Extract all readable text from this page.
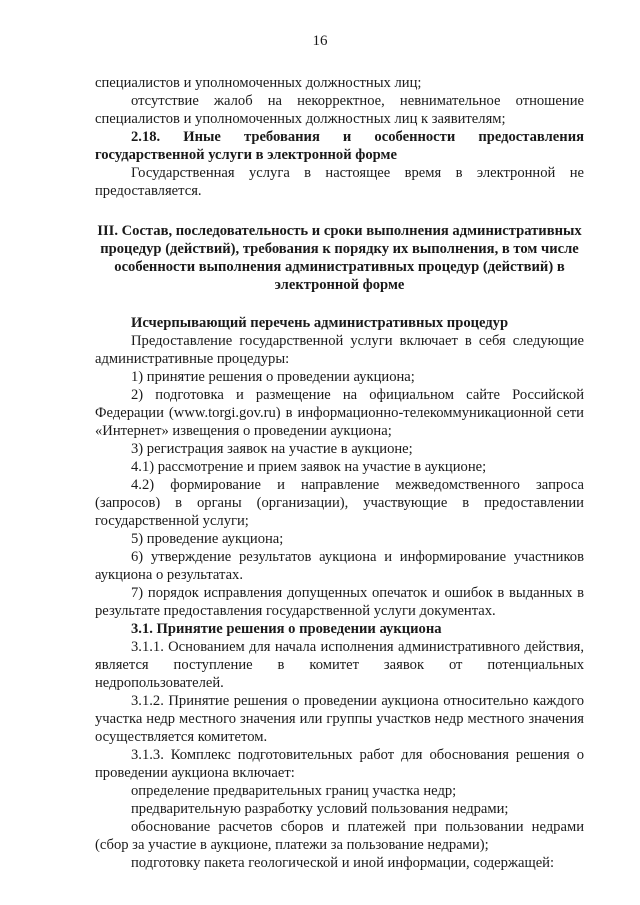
16

специалистов и уполномоченных должностных лиц;

отсутствие жалоб на некорректное, невнимательное отношение специалистов и уполномоченных должностных лиц к заявителям;

2.18. Иные требования и особенности предоставления государственной услуги в электронной форме

Государственная услуга в настоящее время в электронной не предоставляется.

III. Состав, последовательность и сроки выполнения административных процедур (действий), требования к порядку их выполнения, в том числе особенности выполнения административных процедур (действий) в электронной форме

Исчерпывающий перечень административных процедур

Предоставление государственной услуги включает в себя следующие административные процедуры:

1) принятие решения о проведении аукциона;

2) подготовка и размещение на официальном сайте Российской Федерации (www.torgi.gov.ru) в информационно-телекоммуникационной сети «Интернет» извещения о проведении аукциона;

3) регистрация заявок на участие в аукционе;

4.1) рассмотрение и прием заявок на участие в аукционе;

4.2) формирование и направление межведомственного запроса (запросов) в органы (организации), участвующие в предоставлении государственной услуги;

5) проведение аукциона;

6) утверждение результатов аукциона и информирование участников аукциона о результатах.

7) порядок исправления допущенных опечаток и ошибок в выданных в результате предоставления государственной услуги документах.

3.1. Принятие решения о проведении аукциона

3.1.1. Основанием для начала исполнения административного действия, является поступление в комитет заявок от потенциальных недропользователей.

3.1.2. Принятие решения о проведении аукциона относительно каждого участка недр местного значения или группы участков недр местного значения осуществляется комитетом.

3.1.3. Комплекс подготовительных работ для обоснования решения о проведении аукциона включает:

определение предварительных границ участка недр;

предварительную разработку условий пользования недрами;

обоснование расчетов сборов и платежей при пользовании недрами (сбор за участие в аукционе, платежи за пользование недрами);

подготовку пакета геологической и иной информации, содержащей:
